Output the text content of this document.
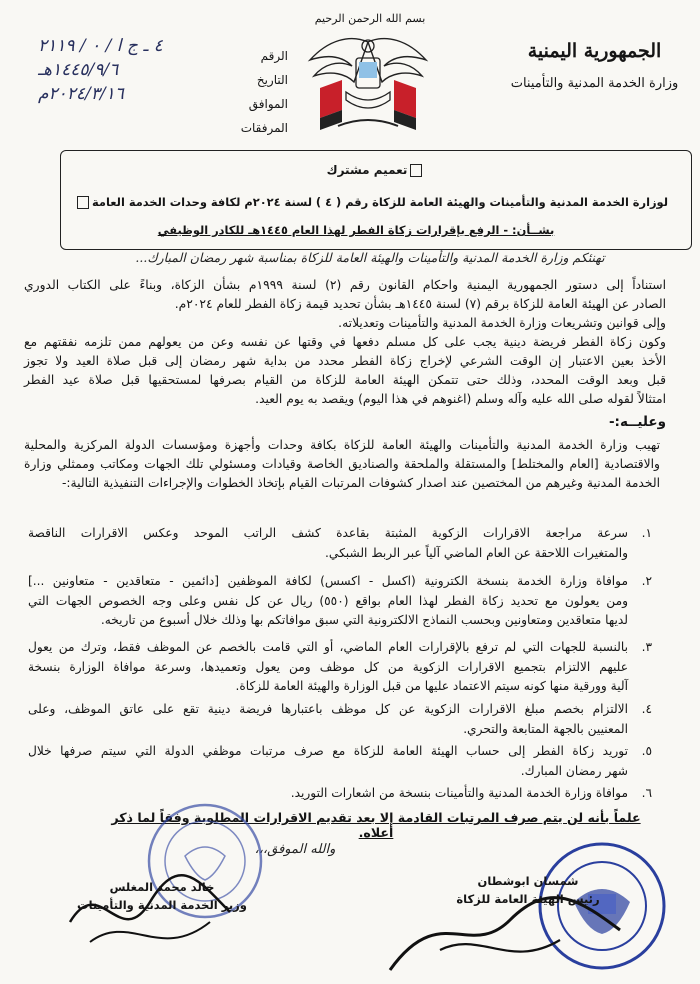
الجمهورية اليمنية
وزارة الخدمة المدنية والتأمينات
بسم الله الرحمن الرحيم
الرقم
التاريخ
الموافق
المرفقات
٤ ـ ج ا / ٠ / ٢١١٩
١٤٤٥/٩/٦هـ
٢٠٢٤/٣/١٦م
تعميم مشترك
لوزارة الخدمة المدنية والتأمينات والهيئة العامة للزكاة رقم ( ٤ ) لسنة ٢٠٢٤م لكافة وحدات الخدمة العامة
بشــأن: - الرفع بإقرارات زكاة الفطر لهذا العام ١٤٤٥هـ للكادر الوظيفي
تهنئكم وزارة الخدمة المدنية والتأمينات والهيئة العامة للزكاة بمناسبة شهر رمضان المبارك...
استناداً إلى دستور الجمهورية اليمنية واحكام القانون رقم (٢) لسنة ١٩٩٩م بشأن الزكاة، وبناءً على الكتاب الدوري
الصادر عن الهيئة العامة للزكاة برقم (٧) لسنة ١٤٤٥هـ بشأن تحديد قيمة زكاة الفطر للعام ٢٠٢٤م.
وإلى قوانين وتشريعات وزارة الخدمة المدنية والتأمينات وتعديلاته.
وكون زكاة الفطر فريضة دينية يجب على كل مسلم دفعها في وقتها عن نفسه وعن من يعولهم ممن تلزمه نفقتهم مع
الأخذ بعين الاعتبار إن الوقت الشرعي لإخراج زكاة الفطر محدد من بداية شهر رمضان إلى قبل صلاة العيد ولا تجوز
قبل وبعد الوقت المحدد، وذلك حتى تتمكن الهيئة العامة للزكاة من القيام بصرفها لمستحقيها قبل صلاة عيد الفطر
امتثالاً لقوله صلى الله عليه وآله وسلم (اغنوهم في هذا اليوم) ويقصد به يوم العيد.
وعليــه:-
تهيب وزارة الخدمة المدنية والتأمينات والهيئة العامة للزكاة بكافة وحدات وأجهزة ومؤسسات الدولة المركزية والمحلية
والاقتصادية [العام والمختلط] والمستقلة والملحقة والصناديق الخاصة وقيادات ومسئولي تلك الجهات ومكاتب وممثلي وزارة
الخدمة المدنية وغيرهم من المختصين عند اصدار كشوفات المرتبات القيام بإتخاذ الخطوات والإجراءات التنفيذية التالية:-
١.
سرعة مراجعة الاقرارات الزكوية المثبتة بقاعدة كشف الراتب الموحد وعكس الاقرارات الناقصة
والمتغيرات اللاحقة عن العام الماضي آلياً عبر الربط الشبكي.
٢.
موافاة وزارة الخدمة بنسخة الكترونية (اكسل - اكسس) لكافة الموظفين [دائمين - متعاقدين - متعاونين ...]
ومن يعولون مع تحديد زكاة الفطر لهذا العام بواقع (٥٥٠) ريال عن كل نفس وعلى وجه الخصوص الجهات التي
لديها متعاقدين ومتعاونين وبحسب النماذج الالكترونية التي سبق موافاتكم بها وذلك خلال أسبوع من تاريخه.
٣.
بالنسبة للجهات التي لم ترفع بالإقرارات العام الماضي، أو التي قامت بالخصم عن الموظف فقط، وترك من يعول
عليهم الالتزام بتجميع الاقرارات الزكوية من كل موظف ومن يعول وتعميدها، وسرعة موافاة الوزارة بنسخة
آلية وورقية منها كونه سيتم الاعتماد عليها من قبل الوزارة والهيئة العامة للزكاة.
٤.
الالتزام بخصم مبلغ الاقرارات الزكوية عن كل موظف باعتبارها فريضة دينية تقع على عاتق الموظف، وعلى
المعنيين بالجهة المتابعة والتحري.
٥.
توريد زكاة الفطر إلى حساب الهيئة العامة للزكاة مع صرف مرتبات موظفي الدولة التي سيتم صرفها خلال
شهر رمضان المبارك.
٦.
موافاة وزارة الخدمة المدنية والتأمينات بنسخة من اشعارات التوريد.
علماً بأنه لن يتم صرف المرتبات القادمة إلا بعد تقديم الاقرارات المطلوبة وفقاً لما ذكر أعلاه.
والله الموفق،،،
شمسان ابوشطان
رئيس الهيئة العامة للزكاة
خالد محمد المغلس
وزير الخدمة المدنية والتأمينات
